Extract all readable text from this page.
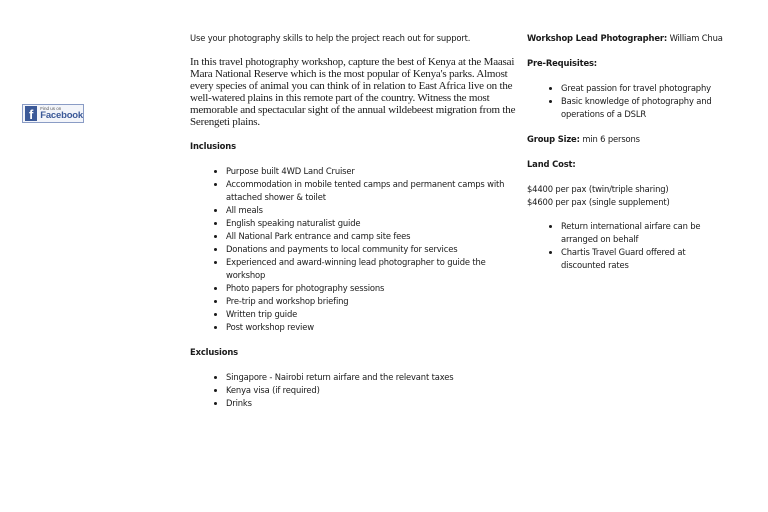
f	Find us on
Facebook

Use your photography skills to help the project reach out for support.

In this travel photography workshop, capture the best of Kenya at the Maasai Mara National Reserve which is the most popular of Kenya's parks. Almost every species of animal you can think of in relation to East Africa live on the well-watered plains in this remote part of the country. Witness the most memorable and spectacular sight of the annual wildebeest migration from the Serengeti plains.

Inclusions

• Purpose built 4WD Land Cruiser
• Accommodation in mobile tented camps and permanent camps with attached shower & toilet
• All meals
• English speaking naturalist guide
• All National Park entrance and camp site fees
• Donations and payments to local community for services
• Experienced and award-winning lead photographer to guide the workshop
• Photo papers for photography sessions
• Pre-trip and workshop briefing
• Written trip guide
• Post workshop review

Exclusions

• Singapore - Nairobi return airfare and the relevant taxes
• Kenya visa (if required)
• Drinks

Workshop Lead Photographer: William Chua

Pre-Requisites:

• Great passion for travel photography
• Basic knowledge of photography and operations of a DSLR

Group Size: min 6 persons

Land Cost:

$4400 per pax (twin/triple sharing)

$4600 per pax (single supplement)

• Return international airfare can be arranged on behalf
• Chartis Travel Guard offered at discounted rates
